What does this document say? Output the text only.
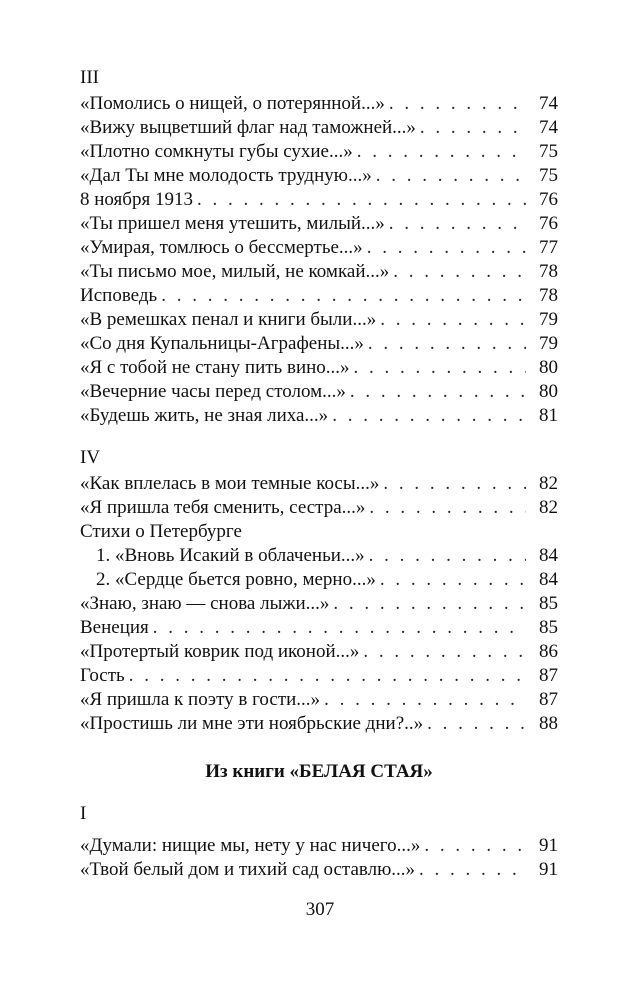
III
«Помолись о нищей, о потерянной...» . . .	74
«Вижу выцветший флаг над таможней...» . . .	74
«Плотно сомкнуты губы сухие...» . . .	75
«Дал Ты мне молодость трудную...» . . .	75
8 ноября 1913 . . .	76
«Ты пришел меня утешить, милый...» . . .	76
«Умирая, томлюсь о бессмертье...» . . .	77
«Ты письмо мое, милый, не комкай...» . . .	78
Исповедь . . .	78
«В ремешках пенал и книги были...» . . .	79
«Со дня Купальницы-Аграфены...» . . .	79
«Я с тобой не стану пить вино...» . . .	80
«Вечерние часы перед столом...» . . .	80
«Будешь жить, не зная лиха...» . . .	81
IV
«Как вплелась в мои темные косы...» . . .	82
«Я пришла тебя сменить, сестра...» . . .	82
Стихи о Петербурге
1. «Вновь Исакий в облаченьи...» . . .	84
2. «Сердце бьется ровно, мерно...» . . .	84
«Знаю, знаю — снова лыжи...» . . .	85
Венеция . . .	85
«Протертый коврик под иконой...» . . .	86
Гость . . .	87
«Я пришла к поэту в гости...» . . .	87
«Простишь ли мне эти ноябрьские дни?..» . . .	88
Из книги «БЕЛАЯ СТАЯ»
I
«Думали: нищие мы, нету у нас ничего...» . . .	91
«Твой белый дом и тихий сад оставлю...» . . .	91
307
